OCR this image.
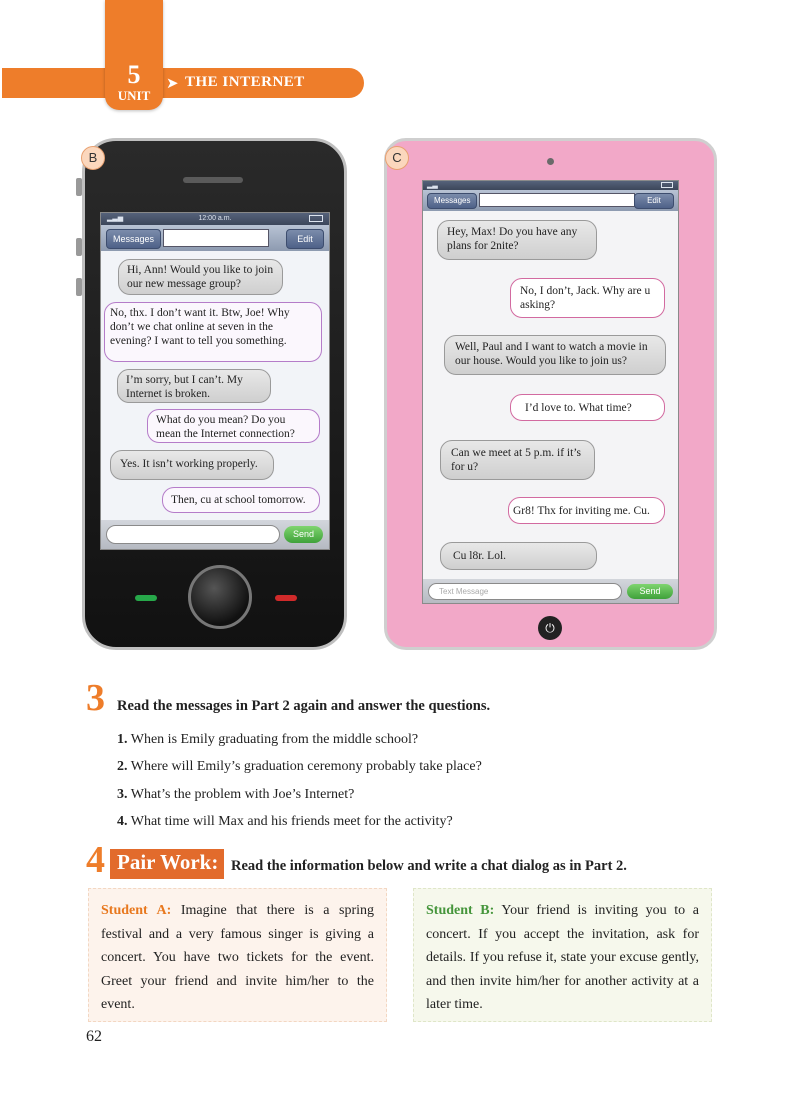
5
UNIT
➤ THE INTERNET
B
▂▃▅	12:00 a.m.
Messages	Edit
Hi, Ann! Would you like to join our new message group?
No, thx. I don’t want it. Btw, Joe! Why don’t we chat online at seven in the evening? I want to tell you something.
I’m sorry, but I can’t. My Internet is broken.
What do you mean? Do you mean the Internet connection?
Yes. It isn’t working properly.
Then, cu at school tomorrow.
Send
C
▂▃
Messages	Edit
Hey, Max! Do you have any plans for 2nite?
No, I don’t, Jack. Why are u asking?
Well, Paul and I want to watch a movie in our house. Would you like to join us?
I’d love to. What time?
Can we meet at 5 p.m. if it’s for u?
Gr8! Thx for inviting me. Cu.
Cu l8r. Lol.
Text Message	Send
⏻
3 Read the messages in Part 2 again and answer the questions.
1. When is Emily graduating from the middle school?
2. Where will Emily’s graduation ceremony probably take place?
3. What’s the problem with Joe’s Internet?
4. What time will Max and his friends meet for the activity?
4 Pair Work: Read the information below and write a chat dialog as in Part 2.
Student A: Imagine that there is a spring festival and a very famous singer is giving a concert. You have two tickets for the event. Greet your friend and invite him/her to the event.
Student B: Your friend is inviting you to a concert. If you accept the invitation, ask for details. If you refuse it, state your excuse gently, and then invite him/her for another activity at a later time.
62
